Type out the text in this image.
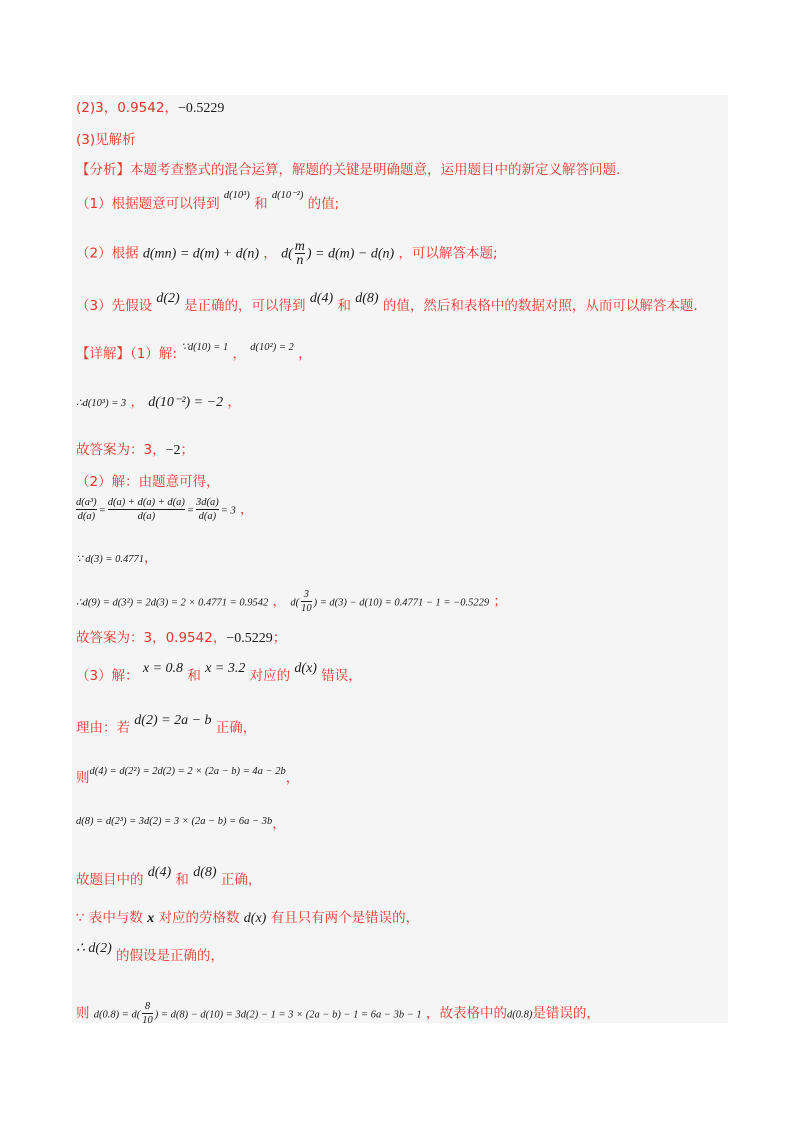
(2)3，0.9542，−0.5229
(3)见解析
【分析】本题考查整式的混合运算，解题的关键是明确题意，运用题目中的新定义解答问题.
（1）根据题意可以得到 $^{d(10^3)}$ 和 $^{d(10^{-2})}$ 的值;
（2）根据 d(mn) = d(m) + d(n) ， $d( \frac{m}{n}$ ) = d(m) − d(n) ，可以解答本题;
（3）先假设 d(2) 是正确的，可以得到 d(4) 和 d(8) 的值，然后和表格中的数据对照，从而可以解答本题.
【详解】（1）解: $^{\because d(10) = 1}$ ， $^{d(10^2) = 2}$ ，
∴d(10³) = 3 ， d(10⁻²) = −2 ，
故答案为：3，−2；
（2）解：由题意可得，
$\frac{\text{d(a³)}}{d(a)} = \frac{d(a) + d(a) + d(a)}{d(a)} = \frac{3d(a)}{d(a)} = 3$ ，
∵ d(3) = 0.4771，
∴d(9) = d(3²) = 2d(3) = 2 × 0.4771 = 0.9542 ， $d( \frac{3}{10}$ ) = d(3) − d(10) = 0.4771 − 1 = −0.5229 ；
故答案为：3，0.9542，−0.5229；
（3）解： x = 0.8 和 x = 3.2 对应的 d(x) 错误，
理由：若 d(2) = 2a − b 正确，
则$^{d(4) = d(2^2) = 2d(2) = 2 \times (2a - b) = 4a - 2b}$，
$^{d(8) = d(2^3) = 3d(2) = 3 \times (2a - b) = 6a - 3b}$，
故题目中的 d(4) 和 d(8) 正确，
∵ 表中与数 x 对应的劳格数 d(x) 有且只有两个是错误的，
∴ d(2) 的假设是正确的，
则 $d(0.8) = d( \frac{8}{10}$ ) = d(8) − d(10) = 3d(2) − 1 = 3 × (2a − b) − 1 = 6a − 3b − 1 ，故表格中的d(0.8)是错误的，
